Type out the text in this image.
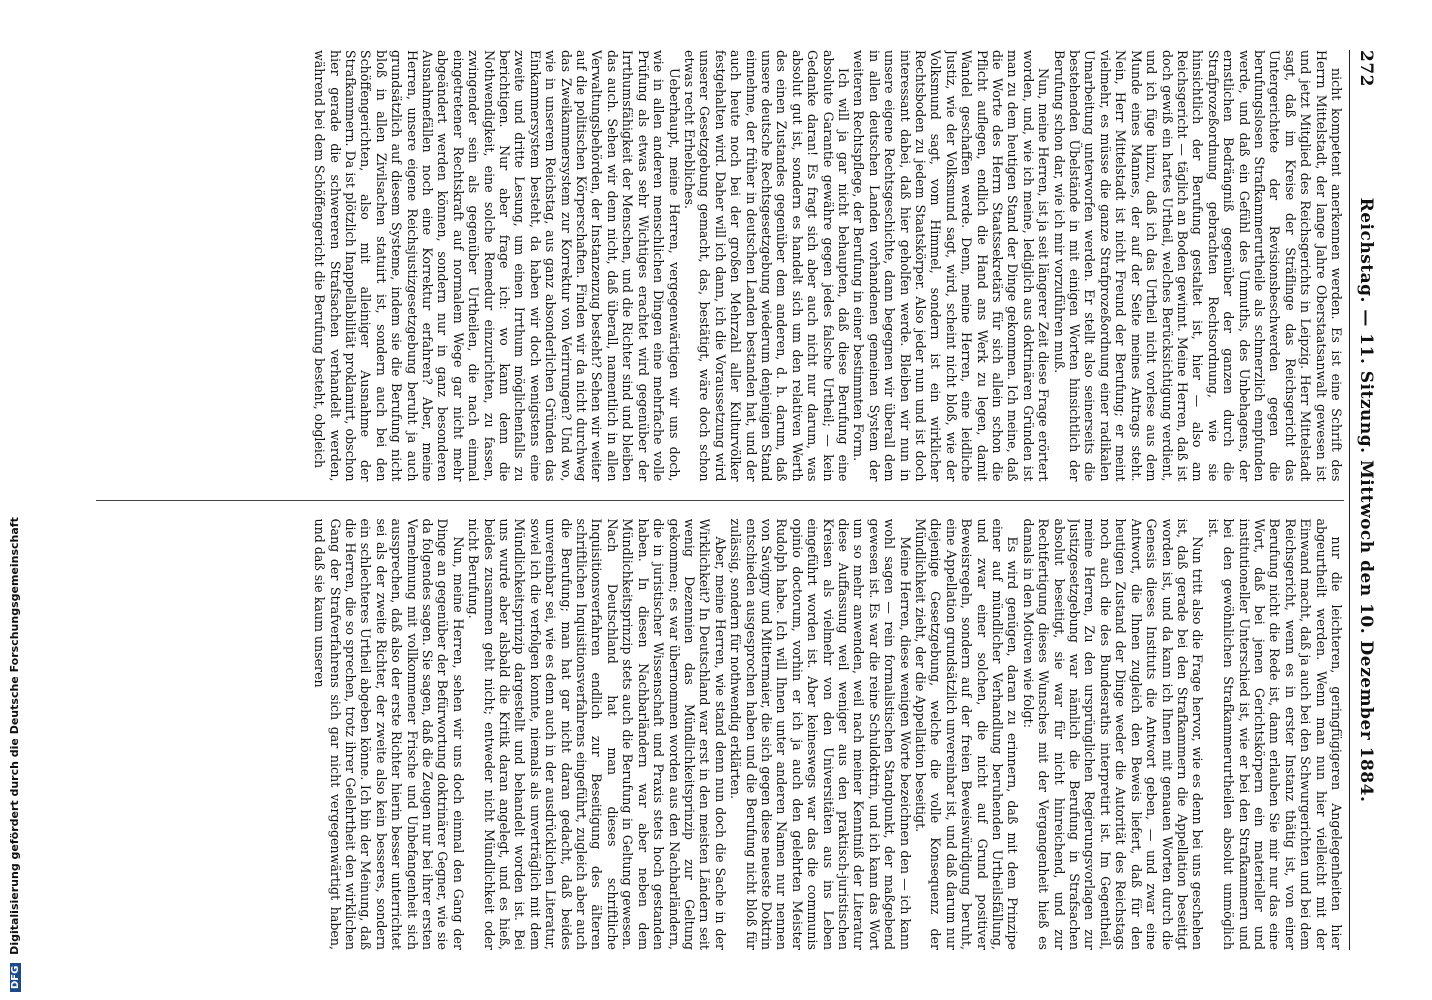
DFG Digitalisierung gefördert durch die Deutsche Forschungsgemeinschaft
272
Reichstag. — 11. Sitzung. Mittwoch den 10. Dezember 1884.

nicht kompetent anerkennen werden. Es ist eine Schrift des Herrn Mittelstadt, der lange Jahre Oberstaatsanwalt gewesen ist und jetzt Mitglied des Reichsgerichts in Leipzig. Herr Mittelstadt sagt, daß im Kreise der Sträflinge das Reichsgericht das Untergerichtete der Revisionsbeschwerden gegen die berufungslosen Strafkammerurtheile als schmerzlich empfunden werde, und daß ein Gefühl des Unmuths, des Unbehagens, der ernstlichen Bedrängniß gegenüber der ganzen durch die Strafprozeßordnung gebrachten Rechtsordnung, wie sie hinsichtlich der Berufung gestaltet ist, hier — also am Reichsgericht — täglich an Boden gewinnt. Meine Herren, daß ist doch gewiß ein hartes Urtheil, welches Berücksichtigung verdient, und ich füge hinzu, daß ich das Urtheil nicht vorlese aus dem Munde eines Mannes, der auf der Seite meines Antrags steht. Nein, Herr Mittelstadt ist nicht Freund der Berufung; er meint vielmehr, es müsse die ganze Strafprozeßordnung einer radikalen Umarbeitung unterworfen werden. Er stellt also seinerseits die bestehenden Übelstände in mit einigen Worten hinsichtlich der Berufung schon dar, wie ich mir vorzuführen muß.

Nun, meine Herren, ist ja seit längerer Zeit diese Frage erörtert worden, und, wie ich meine, lediglich aus doktrinären Gründen ist man zu dem heutigen Stand der Dinge gekommen. Ich meine, daß die Worte des Herrn Staatssekretärs für sich allein schon die Pflicht auflegen, endlich die Hand ans Werk zu legen, damit Wandel geschaffen werde. Denn, meine Herren, eine leidliche Justiz, wie der Volksmund sagt, wird, scheint nicht bloß, wie der Volksmund sagt, vom Himmel, sondern ist ein wirklicher Rechtsboden zu jedem Staatskörper. Also jeder nun und ist doch interessant dabei, daß hier geholfen werde. Bleiben wir nun in unsere eigene Rechtsgeschichte, dann begegnen wir überall dem in allen deutschen Landen vorhandenen gemeinen System der weiteren Rechtspflege, der Berufung in einer bestimmten Form.

Ich will ja gar nicht behaupten, daß diese Berufung eine absolute Garantie gewähre gegen jedes falsche Urtheil; — kein Gedanke daran! Es fragt sich aber auch nicht nur darum, was absolut gut ist, sondern es handelt sich um den relativen Werth des einen Zustandes gegenüber dem anderen, d. h. darum, daß unsere deutsche Rechtsgesetzgebung wiederum denjenigen Stand einnehme, der früher in deutschen Landen bestanden hat, und der auch heute noch bei der großen Mehrzahl aller Kulturvölker festgehalten wird. Daher will ich dann, ich die Voraussetzung wird unserer Gesetzgebung gemacht, das, bestätigt, wäre doch schon etwas recht Erhebliches.

Ueberhaupt, meine Herren, vergegenwärtigen wir uns doch, wie in allen anderen menschlichen Dingen eine mehrfache volle Prüfung als etwas sehr Wichtiges erachtet wird gegenüber der Irrthumsfähigkeit der Menschen, und die Richter sind und bleiben das auch. Sehen wir denn nicht, daß überall, namentlich in allen Verwaltungsbehörden, der Instanzenzug besteht? Sehen wir weiter auf die politischen Körperschaften. Finden wir da nicht durchweg das Zweikammersystem zur Korrektur von Verirrungen? Und wo, wie in unserem Reichstag, aus ganz absonderlichen Gründen das Einkammersystem besteht, da haben wir doch wenigstens eine zweite und dritte Lesung, um einen Irrthum möglichenfalls zu berichtigen. Nur aber frage ich: wo kann denn die Nothwendigkeit, eine solche Remedur einzurichten, zu fassen, zwingender sein als gegenüber Urtheilen, die nach einmal eingetretener Rechtskraft auf normalem Wege gar nicht mehr abgeändert werden können, sondern nur in ganz besonderen Ausnahmefällen noch eine Korrektur erfahren? Aber, meine Herren, unsere eigene Reichsjustizgesetzgebung beruht ja auch grundsätzlich auf diesem Systeme, indem sie die Berufung nicht bloß in allen Zivilsachen statuirt ist, sondern auch bei den Schöffengerichten, also mit alleiniger Ausnahme der Strafkammern. Da ist plötzlich Inappellabilität proklamirt, obschon hier gerade die schwereren Strafsachen verhandelt werden, während bei dem Schöffengericht die Berufung besteht, obgleich

nur die leichteren, geringfügigeren Angelegenheiten hier abgeurtheilt werden. Wenn man nun hier vielleicht mit der Einwand macht, daß ja auch bei den Schwurgerichten und bei dem Reichsgericht, wenn es in erster Instanz thätig ist, von einer Berufung nicht die Rede ist, dann erlauben Sie mir nur das eine Wort, daß bei jenen Gerichtskörpern ein materieller und institutioneller Unterschied ist, wie er bei den Strafkammern und bei den gewöhnlichen Strafkammerurtheilen absolut unmöglich ist.

Nun tritt also die Frage hervor, wie es denn bei uns geschehen ist, daß gerade bei den Strafkammern die Appellation beseitigt worden ist, und da kann ich Ihnen mit genauen Worten durch die Genesis dieses Instituts die Antwort geben, — und zwar eine Antwort, die Ihnen zugleich den Beweis liefert, daß für den heutigen Zustand der Dinge weder die Autorität des Reichstags noch auch die des Bundesraths interpretirt ist. Im Gegentheil, meine Herren, Zu den ursprünglichen Regierungsvorlagen zur Justizgesetzgebung war nämlich die Berufung in Strafsachen absolut beseitigt, sie war für nicht hinreichend, und zur Rechtfertigung dieses Wunsches mit der Vergangenheit hieß es damals in den Motiven wie folgt:

Es wird genügen, daran zu erinnern, daß mit dem Prinzipe einer auf mündlicher Verhandlung beruhenden Urtheilsfällung, und zwar einer solchen, die nicht auf Grund positiver Beweisregeln, sondern auf der freien Beweiswürdigung beruht, eine Appellation grundsätzlich unvereinbar ist, und daß darum nur diejenige Gesetzgebung, welche die volle Konsequenz der Mündlichkeit zieht, der die Appellation beseitigt.

Meine Herren, diese wenigen Worte bezeichnen den — ich kann wohl sagen — rein formalistischen Standpunkt, der maßgebend gewesen ist. Es war die reine Schuldoktrin, und ich kann das Wort um so mehr anwenden, weil nach meiner Kenntniß der Literatur diese Auffassung weil weniger aus den praktisch-juristischen Kreisen als vielmehr von den Universitäten aus ins Leben eingeführt worden ist. Aber keineswegs war das die communis opinio doctorum, vorhin er ich ja auch den gelehrten Meister Rudolph habe. Ich will Ihnen unter anderen Namen nur nennen von Savigny und Mittermaier, die sich gegen diese neueste Doktrin entschieden ausgesprochen haben und die Berufung nicht bloß für zulässig, sondern für nothwendig erklärten.

Aber, meine Herren, wie stand denn nun doch die Sache in der Wirklichkeit? In Deutschland war erst in den meisten Ländern seit wenig Dezennien das Mündlichkeitsprinzip zur Geltung gekommen; es war übernommen worden aus den Nachbarländern, die in juristischer Wissenschaft und Praxis stets hoch gestanden haben. In diesen Nachbarländern war aber neben dem Mündlichkeitsprinzip stets auch die Berufung in Geltung gewesen. Nach Deutschland hat man dieses schriftliche Inquisitionsverfahren endlich zur Beseitigung des älteren schriftlichen Inquisitionsverfahrens eingeführt, zugleich aber auch die Berufung; man hat gar nicht daran gedacht, daß beides unvereinbar sei, wie es denn auch in der ausdrücklichen Literatur, soviel ich die verfolgen konnte, niemals als unverträglich mit dem Mündlichkeitsprinzip dargestellt und behandelt worden ist. Bei uns wurde aber alsbald die Kritik daran angelegt, und es hieß, beides zusammen geht nicht; entweder nicht Mündlichkeit oder nicht Berufung.

Nun, meine Herren, sehen wir uns doch einmal den Gang der Dinge an gegenüber der Befürwortung doktrinärer Gegner, wie sie da folgendes sagen. Sie sagen, daß die Zeugen nur bei ihrer ersten Vernehmung mit vollkommener Frische und Unbefangenheit sich aussprechen, daß also der erste Richter hierin besser unterrichtet sei als der zweite Richter, der zweite also kein besseres, sondern ein schlechteres Urtheil abgeben könne. Ich bin der Meinung, daß die Herren, die so sprechen, trotz ihrer Gelehrtheit den wirklichen Gang der Strafverfahrens sich gar nicht vergegenwärtigt haben, und daß sie kaum unseren
